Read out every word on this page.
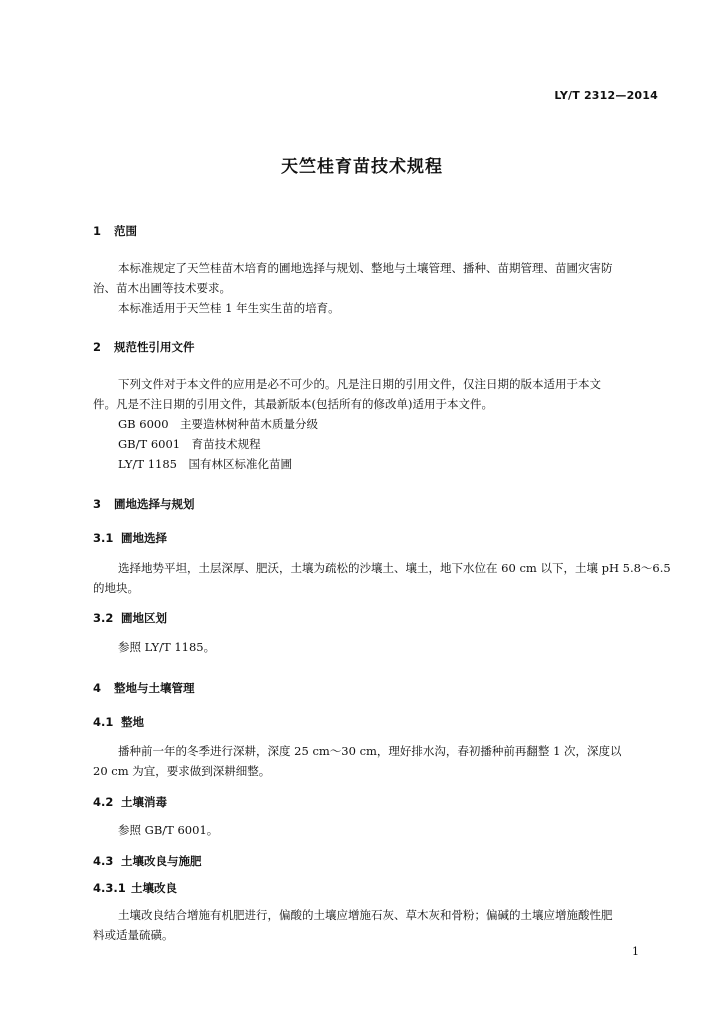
LY/T 2312—2014
天竺桂育苗技术规程
1 范围
本标准规定了天竺桂苗木培育的圃地选择与规划、整地与土壤管理、播种、苗期管理、苗圃灾害防
治、苗木出圃等技术要求。
本标准适用于天竺桂 1 年生实生苗的培育。
2 规范性引用文件
下列文件对于本文件的应用是必不可少的。凡是注日期的引用文件，仅注日期的版本适用于本文
件。凡是不注日期的引用文件，其最新版本(包括所有的修改单)适用于本文件。
GB 6000　主要造林树种苗木质量分级
GB/T 6001　育苗技术规程
LY/T 1185　国有林区标准化苗圃
3 圃地选择与规划
3.1 圃地选择
选择地势平坦，土层深厚、肥沃，土壤为疏松的沙壤土、壤土，地下水位在 60 cm 以下，土壤 pH 5.8～6.5
的地块。
3.2 圃地区划
参照 LY/T 1185。
4 整地与土壤管理
4.1 整地
播种前一年的冬季进行深耕，深度 25 cm～30 cm，理好排水沟，春初播种前再翻整 1 次，深度以
20 cm 为宜，要求做到深耕细整。
4.2 土壤消毒
参照 GB/T 6001。
4.3 土壤改良与施肥
4.3.1 土壤改良
土壤改良结合增施有机肥进行，偏酸的土壤应增施石灰、草木灰和骨粉；偏碱的土壤应增施酸性肥
料或适量硫磺。
1
